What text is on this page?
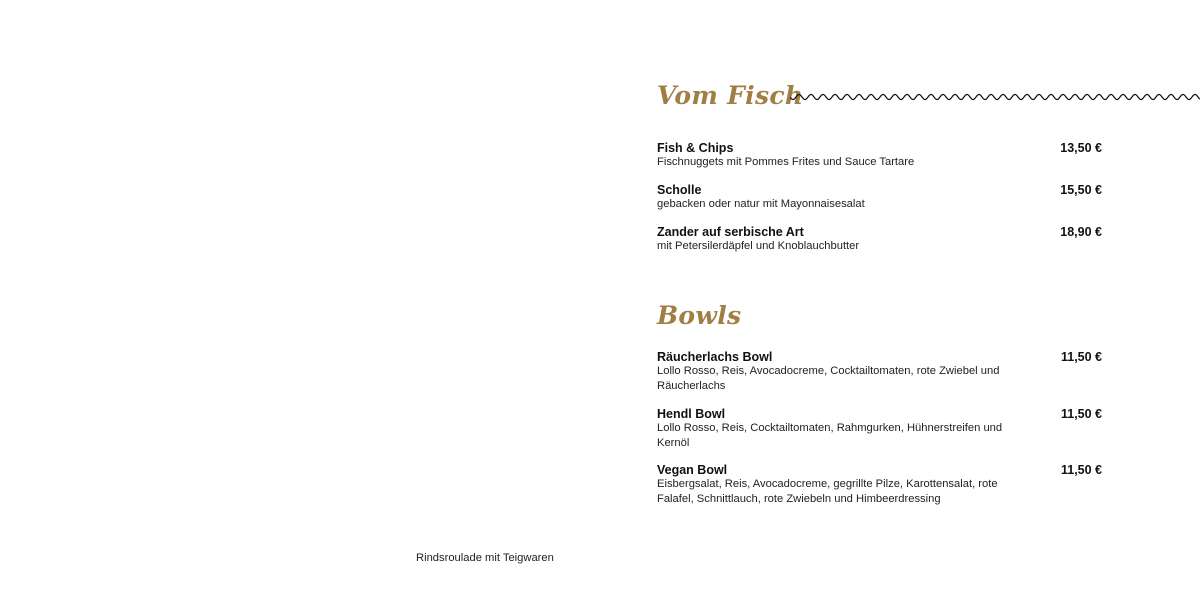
Vom Fisch
Fish & Chips
Fischnuggets mit Pommes Frites und Sauce Tartare
13,50 €
Scholle
gebacken oder natur mit Mayonnaisesalat
15,50 €
Zander auf serbische Art
mit Petersilerdäpfel und Knoblauchbutter
18,90 €
Bowls
Räucherlachs Bowl
Lollo Rosso, Reis, Avocadocreme, Cocktailtomaten, rote Zwiebel und Räucherlachs
11,50 €
Hendl Bowl
Lollo Rosso, Reis, Cocktailtomaten, Rahmgurken, Hühnerstreifen und Kernöl
11,50 €
Vegan Bowl
Eisbergsalat, Reis, Avocadocreme, gegrillte Pilze, Karottensalat, rote Falafel, Schnittlauch, rote Zwiebeln und Himbeerdressing
11,50 €
Rindsroulade mit Teigwaren
